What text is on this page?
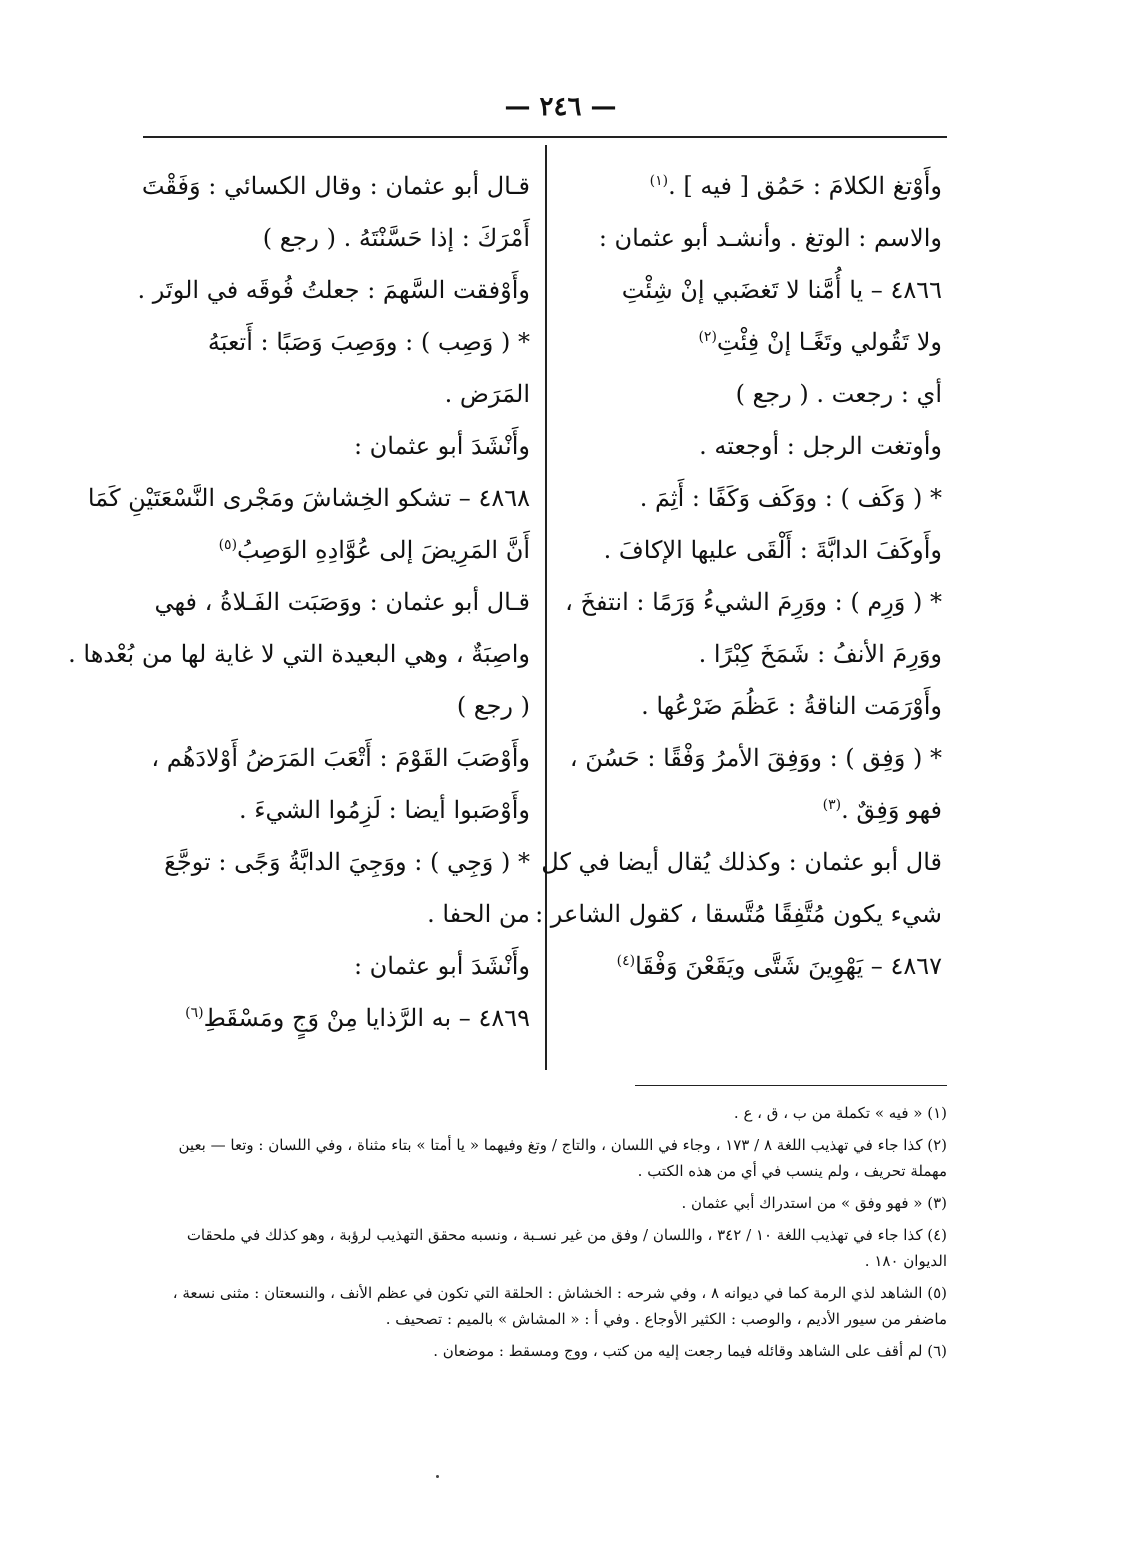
— ٢٤٦ —
وأَوْتغ الكلامَ : حَمُق [ فيه ] .$^{(١)}$
والاسم : الوتغ . وأنشـد أبو عثمان :
٤٨٦٦ – يا أُمَّنا لا تَغضَبي إنْ شِئْتِ
ولا تَقُولي وتَغًـا إنْ فِئْتِ$^{(٢)}$
أي : رجعت . ( رجع )
وأوتغت الرجل : أوجعته .
* ( وَكَف ) : ووَكَف وَكَفًا : أَثِمَ .
وأَوكَفَ الدابَّةَ : أَلْقَى عليها الإكافَ .
* ( وَرِم ) : ووَرِمَ الشيءُ وَرَمًا : انتفخَ ،
ووَرِمَ الأنفُ : شَمَخَ كِبْرًا .
وأَوْرَمَت الناقةُ : عَظُمَ ضَرْعُها .
* ( وَفِق ) : ووَفِقَ الأمرُ وَفْقًا : حَسُنَ ،
فهو وَفِقٌ .$^{(٣)}$
قال أبو عثمان : وكذلك يُقال أيضا في كل
شيء يكون مُتَّفِقًا مُتَّسقا ، كقول الشاعر :
٤٨٦٧ – يَهْوِينَ شَتَّى ويَقَعْنَ وَفْقَا$^{(٤)}$
قـال أبو عثمان : وقال الكسائي : وَفَقْتَ
أَمْرَكَ : إذا حَسَّنْتَهُ . ( رجع )
وأَوْفقت السَّهمَ : جعلتُ فُوقَه في الوتَر .
* ( وَصِب ) : ووَصِبَ وَصَبًا : أَتعبَهُ
المَرَض .
وأَنْشَدَ أبو عثمان :
٤٨٦٨ – تشكو الخِشاشَ ومَجْرى النَّسْعَتَيْنِ كَمَا
أَنَّ المَرِيضَ إلى عُوَّادِهِ الوَصِبُ$^{(٥)}$
قـال أبو عثمان : ووَصَبَت الفَـلاةُ ، فهي
واصِبَةٌ ، وهي البعيدة التي لا غاية لها من بُعْدها .
( رجع )
وأَوْصَبَ القَوْمَ : أَتْعَبَ المَرَضُ أَوْلادَهُم ،
وأَوْصَبوا أيضا : لَزِمُوا الشيءَ .
* ( وَجِي ) : ووَجِيَ الدابَّةُ وَجًى : توجَّعَ
من الحفا .
وأَنْشَدَ أبو عثمان :
٤٨٦٩ – به الرَّذايا مِنْ وَجٍ ومَسْقَطِ$^{(٦)}$
(١) « فيه » تكملة من ب ، ق ، ع .
(٢) كذا جاء في تهذيب اللغة ٨ / ١٧٣ ، وجاء في اللسان ، والتاج / وتغ وفيهما « يا أمتا » بتاء مثناة ، وفي اللسان : وتعا — بعين مهملة تحريف ، ولم ينسب في أي من هذه الكتب .
(٣) « فهو وفق » من استدراك أبي عثمان .
(٤) كذا جاء في تهذيب اللغة ١٠ / ٣٤٢ ، واللسان / وفق من غير نسـبة ، ونسبه محقق التهذيب لرؤبة ، وهو كذلك في ملحقات الديوان ١٨٠ .
(٥) الشاهد لذي الرمة كما في ديوانه ٨ ، وفي شرحه : الخشاش : الحلقة التي تكون في عظم الأنف ، والنسعتان : مثنى نسعة ، ماضفر من سيور الأديم ، والوصب : الكثير الأوجاع . وفي أ : « المشاش » بالميم : تصحيف .
(٦) لم أقف على الشاهد وقائله فيما رجعت إليه من كتب ، ووج ومسقط : موضعان .
